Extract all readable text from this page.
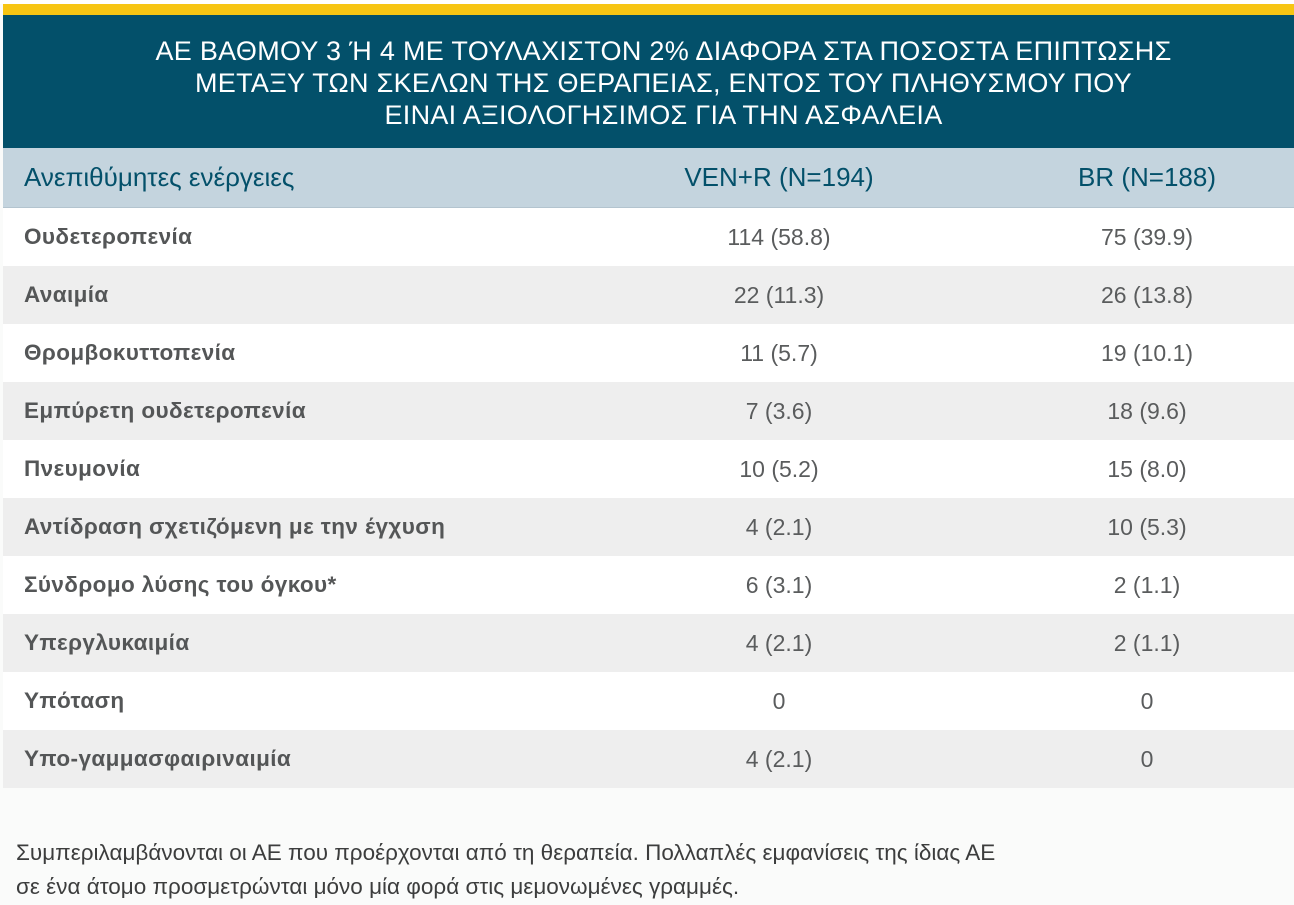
ΑΕ ΒΑΘΜΟΥ 3 Ή 4 ΜΕ ΤΟΥΛΑΧΙΣΤΟΝ 2% ΔΙΑΦΟΡΑ ΣΤΑ ΠΟΣΟΣΤΑ ΕΠΙΠΤΩΣΗΣ
ΜΕΤΑΞΥ ΤΩΝ ΣΚΕΛΩΝ ΤΗΣ ΘΕΡΑΠΕΙΑΣ, ΕΝΤΟΣ ΤΟΥ ΠΛΗΘΥΣΜΟΥ ΠΟΥ
ΕΙΝΑΙ ΑΞΙΟΛΟΓΗΣΙΜΟΣ ΓΙΑ ΤΗΝ ΑΣΦΑΛΕΙΑ
Ανεπιθύμητες ενέργειες	VEN+R (N=194)	BR (N=188)
Ουδετεροπενία	114 (58.8)	75 (39.9)
Αναιμία	22 (11.3)	26 (13.8)
Θρομβοκυττοπενία	11 (5.7)	19 (10.1)
Εμπύρετη ουδετεροπενία	7 (3.6)	18 (9.6)
Πνευμονία	10 (5.2)	15 (8.0)
Αντίδραση σχετιζόμενη με την έγχυση	4 (2.1)	10 (5.3)
Σύνδρομο λύσης του όγκου*	6 (3.1)	2 (1.1)
Υπεργλυκαιμία	4 (2.1)	2 (1.1)
Υπόταση	0	0
Υπο-γαμμασφαιριναιμία	4 (2.1)	0
Συμπεριλαμβάνονται οι ΑΕ που προέρχονται από τη θεραπεία. Πολλαπλές εμφανίσεις της ίδιας ΑΕ
σε ένα άτομο προσμετρώνται μόνο μία φορά στις μεμονωμένες γραμμές.
